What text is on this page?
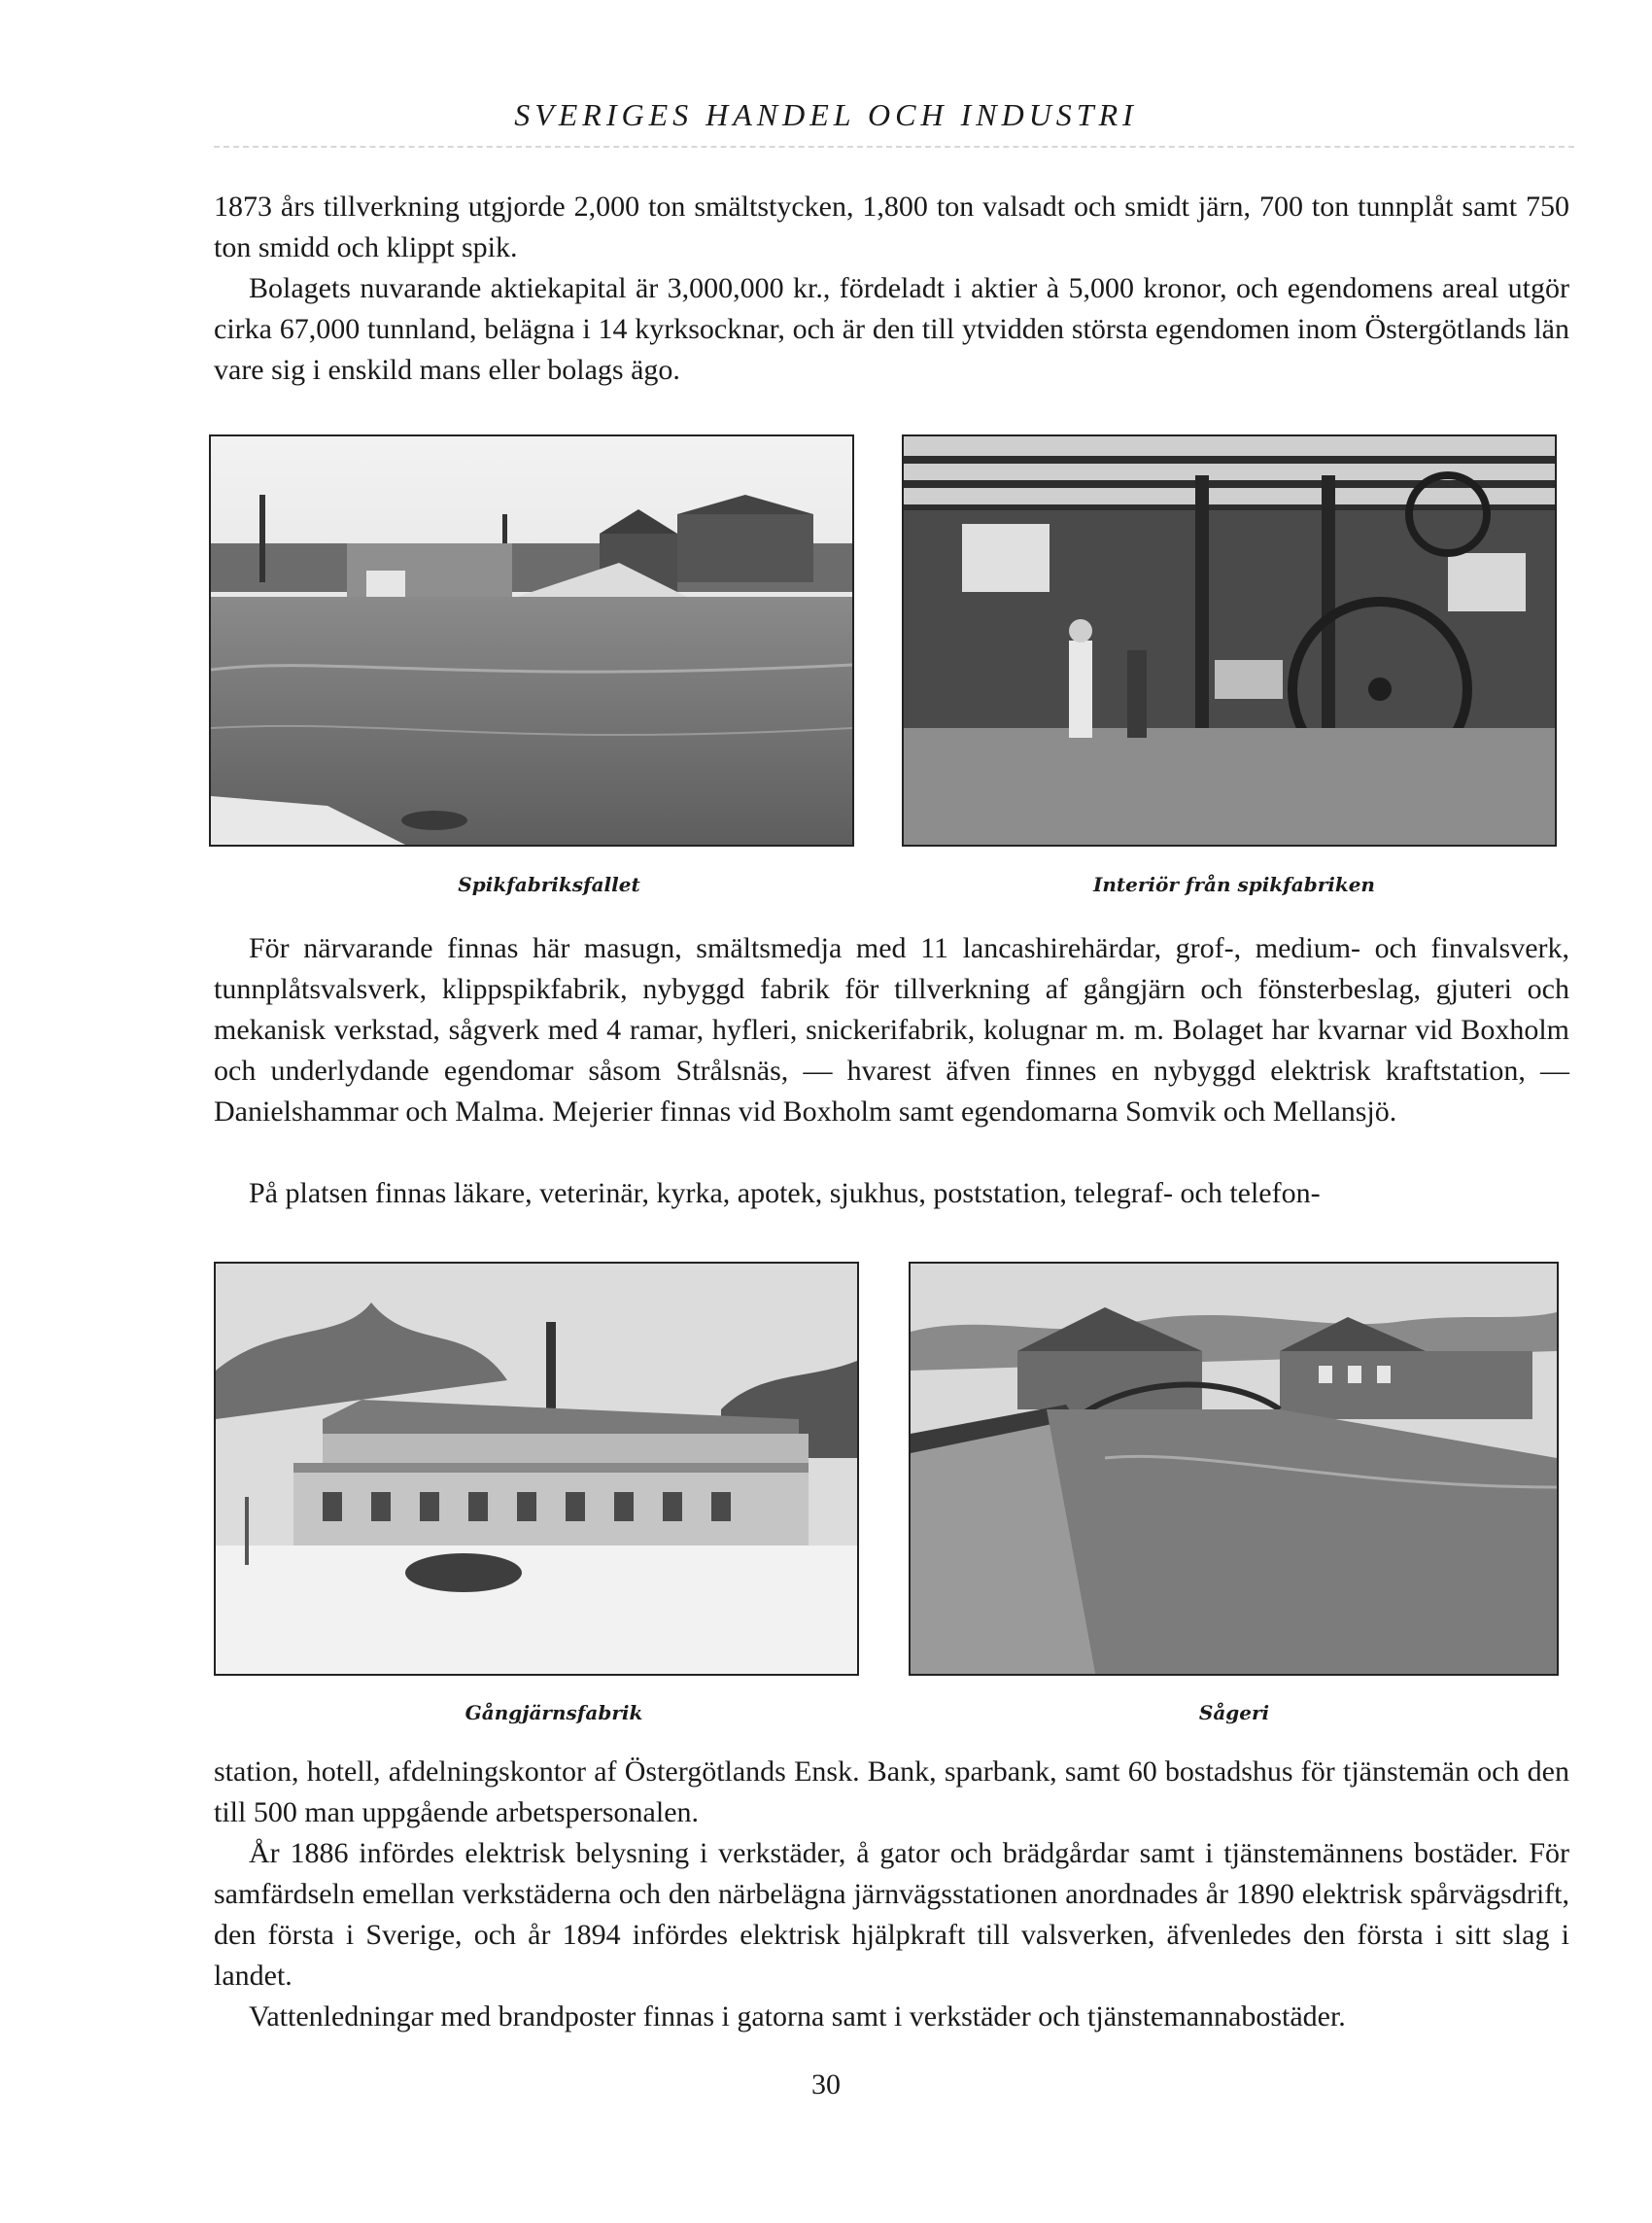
SVERIGES HANDEL OCH INDUSTRI

1873 års tillverkning utgjorde 2,000 ton smältstycken, 1,800 ton valsadt och smidt järn, 700 ton tunnplåt samt 750 ton smidd och klippt spik.

Bolagets nuvarande aktiekapital är 3,000,000 kr., fördeladt i aktier à 5,000 kronor, och egendomens areal utgör cirka 67,000 tunnland, belägna i 14 kyrksocknar, och är den till ytvidden största egendomen inom Östergötlands län vare sig i enskild mans eller bolags ägo.

Spikfabriksfallet	Interiör från spikfabriken

För närvarande finnas här masugn, smältsmedja med 11 lancashirehärdar, grof-, medium- och finvalsverk, tunnplåtsvalsverk, klippspikfabrik, nybyggd fabrik för tillverkning af gångjärn och fönsterbeslag, gjuteri och mekanisk verkstad, sågverk med 4 ramar, hyfleri, snickerifabrik, kolugnar m. m. Bolaget har kvarnar vid Boxholm och underlydande egendomar såsom Strålsnäs, — hvarest äfven finnes en nybyggd elektrisk kraftstation, — Danielshammar och Malma. Mejerier finnas vid Boxholm samt egendomarna Somvik och Mellansjö.

På platsen finnas läkare, veterinär, kyrka, apotek, sjukhus, poststation, telegraf- och telefon-

Gångjärnsfabrik	Sågeri

station, hotell, afdelningskontor af Östergötlands Ensk. Bank, sparbank, samt 60 bostadshus för tjänstemän och den till 500 man uppgående arbetspersonalen.

År 1886 infördes elektrisk belysning i verkstäder, å gator och brädgårdar samt i tjänstemännens bostäder. För samfärdseln emellan verkstäderna och den närbelägna järnvägsstationen anordnades år 1890 elektrisk spårvägsdrift, den första i Sverige, och år 1894 infördes elektrisk hjälpkraft till valsverken, äfvenledes den första i sitt slag i landet.

Vattenledningar med brandposter finnas i gatorna samt i verkstäder och tjänstemannabostäder.

30
